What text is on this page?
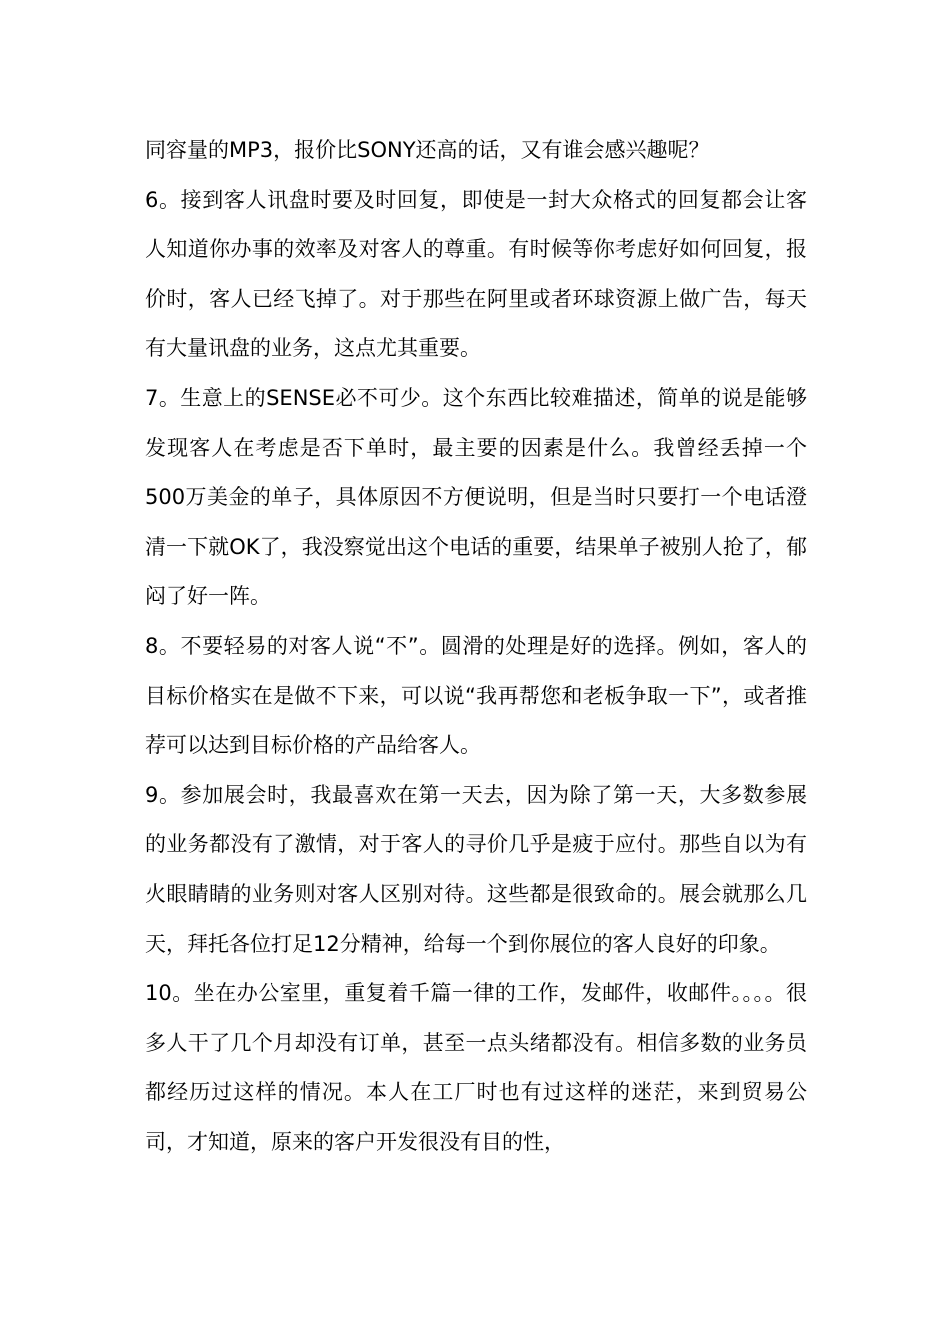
同容量的MP3，报价比SONY还高的话，又有谁会感兴趣呢？

6。接到客人讯盘时要及时回复，即使是一封大众格式的回复都会让客人知道你办事的效率及对客人的尊重。有时候等你考虑好如何回复，报价时，客人已经飞掉了。对于那些在阿里或者环球资源上做广告，每天有大量讯盘的业务，这点尤其重要。

7。生意上的SENSE必不可少。这个东西比较难描述，简单的说是能够发现客人在考虑是否下单时，最主要的因素是什么。我曾经丢掉一个500万美金的单子，具体原因不方便说明，但是当时只要打一个电话澄清一下就OK了，我没察觉出这个电话的重要，结果单子被别人抢了，郁闷了好一阵。

8。不要轻易的对客人说“不”。圆滑的处理是好的选择。例如，客人的目标价格实在是做不下来，可以说“我再帮您和老板争取一下”，或者推荐可以达到目标价格的产品给客人。

9。参加展会时，我最喜欢在第一天去，因为除了第一天，大多数参展的业务都没有了激情，对于客人的寻价几乎是疲于应付。那些自以为有火眼睛睛的业务则对客人区别对待。这些都是很致命的。展会就那么几天，拜托各位打足12分精神，给每一个到你展位的客人良好的印象。

10。坐在办公室里，重复着千篇一律的工作，发邮件，收邮件。。。。很多人干了几个月却没有订单，甚至一点头绪都没有。相信多数的业务员都经历过这样的情况。本人在工厂时也有过这样的迷茫，来到贸易公司，才知道，原来的客户开发很没有目的性，
